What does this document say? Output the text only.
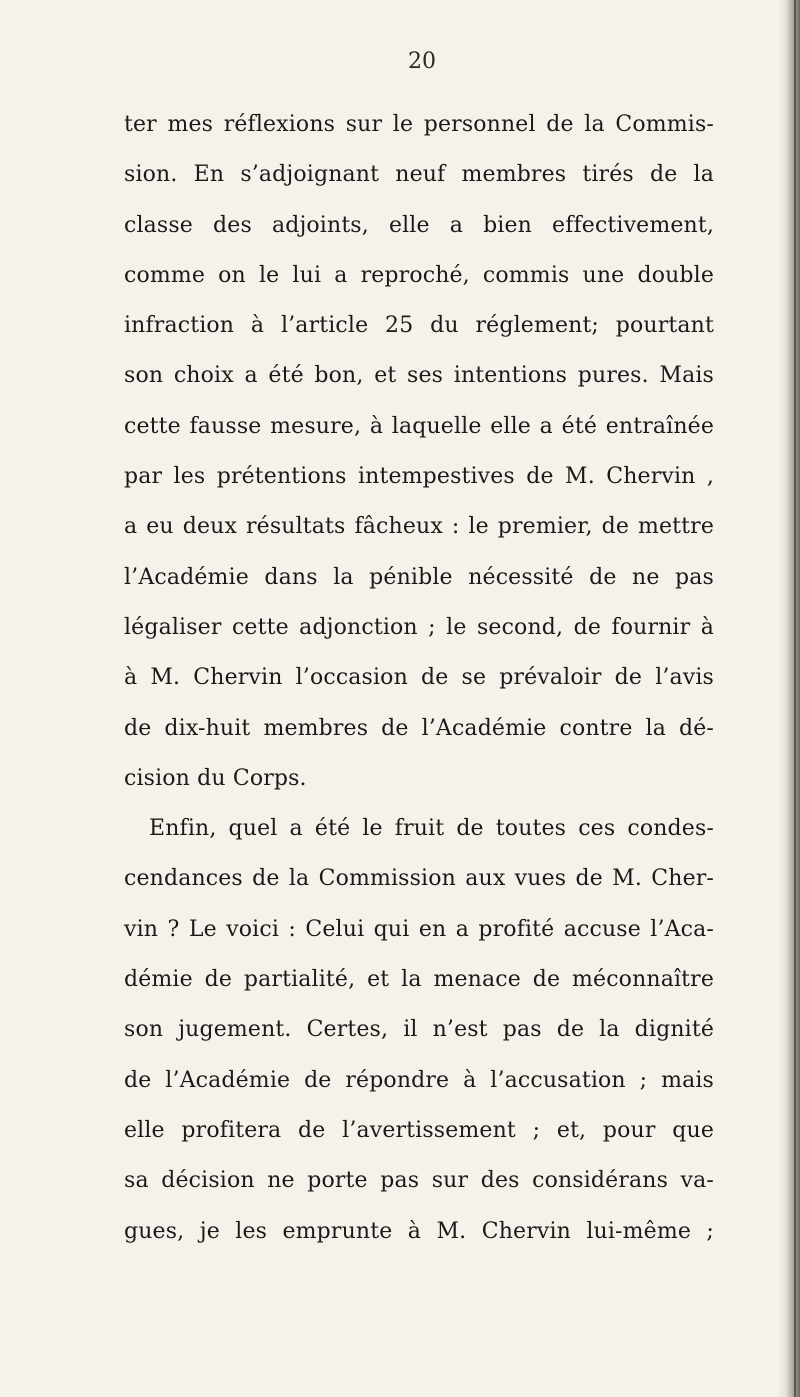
20
ter mes réflexions sur le personnel de la Commis-
sion. En s’adjoignant neuf membres tirés de la
classe des adjoints, elle a bien effectivement,
comme on le lui a reproché, commis une double
infraction à l’article 25 du réglement; pourtant
son choix a été bon, et ses intentions pures. Mais
cette fausse mesure, à laquelle elle a été entraînée
par les prétentions intempestives de M. Chervin ,
a eu deux résultats fâcheux : le premier, de mettre
l’Académie dans la pénible nécessité de ne pas
légaliser cette adjonction ; le second, de fournir à
à M. Chervin l’occasion de se prévaloir de l’avis
de dix-huit membres de l’Académie contre la dé-
cision du Corps.
Enfin, quel a été le fruit de toutes ces condes-
cendances de la Commission aux vues de M. Cher-
vin ? Le voici : Celui qui en a profité accuse l’Aca-
démie de partialité, et la menace de méconnaître
son jugement. Certes, il n’est pas de la dignité
de l’Académie de répondre à l’accusation ; mais
elle profitera de l’avertissement ; et, pour que
sa décision ne porte pas sur des considérans va-
gues, je les emprunte à M. Chervin lui-même ;
